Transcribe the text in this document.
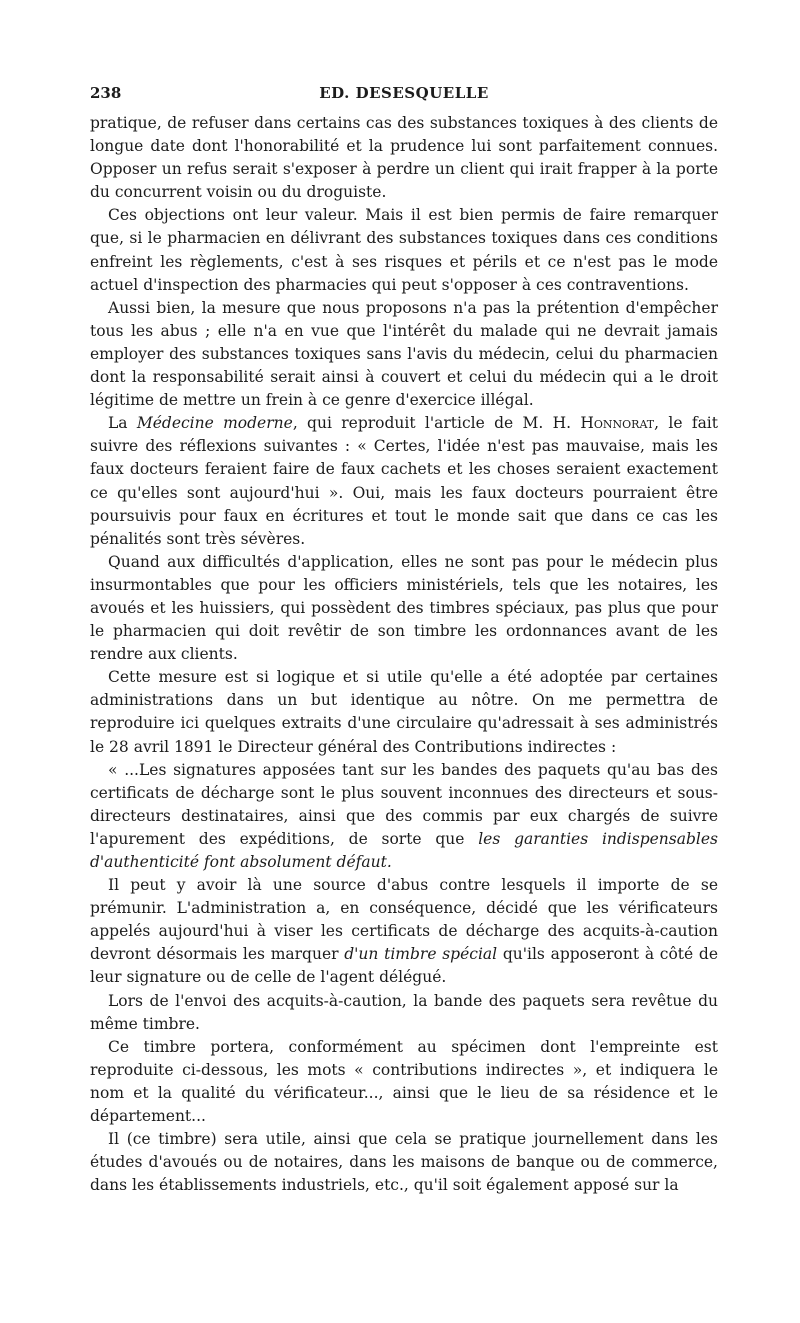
238	ED. DESESQUELLE

pratique, de refuser dans certains cas des substances toxiques à des clients de longue date dont l'honorabilité et la prudence lui sont parfaitement connues. Opposer un refus serait s'exposer à perdre un client qui irait frapper à la porte du concurrent voisin ou du droguiste.

Ces objections ont leur valeur. Mais il est bien permis de faire remarquer que, si le pharmacien en délivrant des substances toxiques dans ces conditions enfreint les règlements, c'est à ses risques et périls et ce n'est pas le mode actuel d'inspection des pharmacies qui peut s'opposer à ces contraventions.

Aussi bien, la mesure que nous proposons n'a pas la prétention d'empêcher tous les abus ; elle n'a en vue que l'intérêt du malade qui ne devrait jamais employer des substances toxiques sans l'avis du médecin, celui du pharmacien dont la responsabilité serait ainsi à couvert et celui du médecin qui a le droit légitime de mettre un frein à ce genre d'exercice illégal.

La Médecine moderne, qui reproduit l'article de M. H. Honnorat, le fait suivre des réflexions suivantes : « Certes, l'idée n'est pas mauvaise, mais les faux docteurs feraient faire de faux cachets et les choses seraient exactement ce qu'elles sont aujourd'hui ». Oui, mais les faux docteurs pourraient être poursuivis pour faux en écritures et tout le monde sait que dans ce cas les pénalités sont très sévères.

Quand aux difficultés d'application, elles ne sont pas pour le médecin plus insurmontables que pour les officiers ministériels, tels que les notaires, les avoués et les huissiers, qui possèdent des timbres spéciaux, pas plus que pour le pharmacien qui doit revêtir de son timbre les ordonnances avant de les rendre aux clients.

Cette mesure est si logique et si utile qu'elle a été adoptée par certaines administrations dans un but identique au nôtre. On me permettra de reproduire ici quelques extraits d'une circulaire qu'adressait à ses administrés le 28 avril 1891 le Directeur général des Contributions indirectes :

« ...Les signatures apposées tant sur les bandes des paquets qu'au bas des certificats de décharge sont le plus souvent inconnues des directeurs et sous-directeurs destinataires, ainsi que des commis par eux chargés de suivre l'apurement des expéditions, de sorte que les garanties indispensables d'authenticité font absolument défaut.

Il peut y avoir là une source d'abus contre lesquels il importe de se prémunir. L'administration a, en conséquence, décidé que les vérificateurs appelés aujourd'hui à viser les certificats de décharge des acquits-à-caution devront désormais les marquer d'un timbre spécial qu'ils apposeront à côté de leur signature ou de celle de l'agent délégué.

Lors de l'envoi des acquits-à-caution, la bande des paquets sera revêtue du même timbre.

Ce timbre portera, conformément au spécimen dont l'empreinte est reproduite ci-dessous, les mots « contributions indirectes », et indiquera le nom et la qualité du vérificateur..., ainsi que le lieu de sa résidence et le département...

Il (ce timbre) sera utile, ainsi que cela se pratique journellement dans les études d'avoués ou de notaires, dans les maisons de banque ou de commerce, dans les établissements industriels, etc., qu'il soit également apposé sur la
